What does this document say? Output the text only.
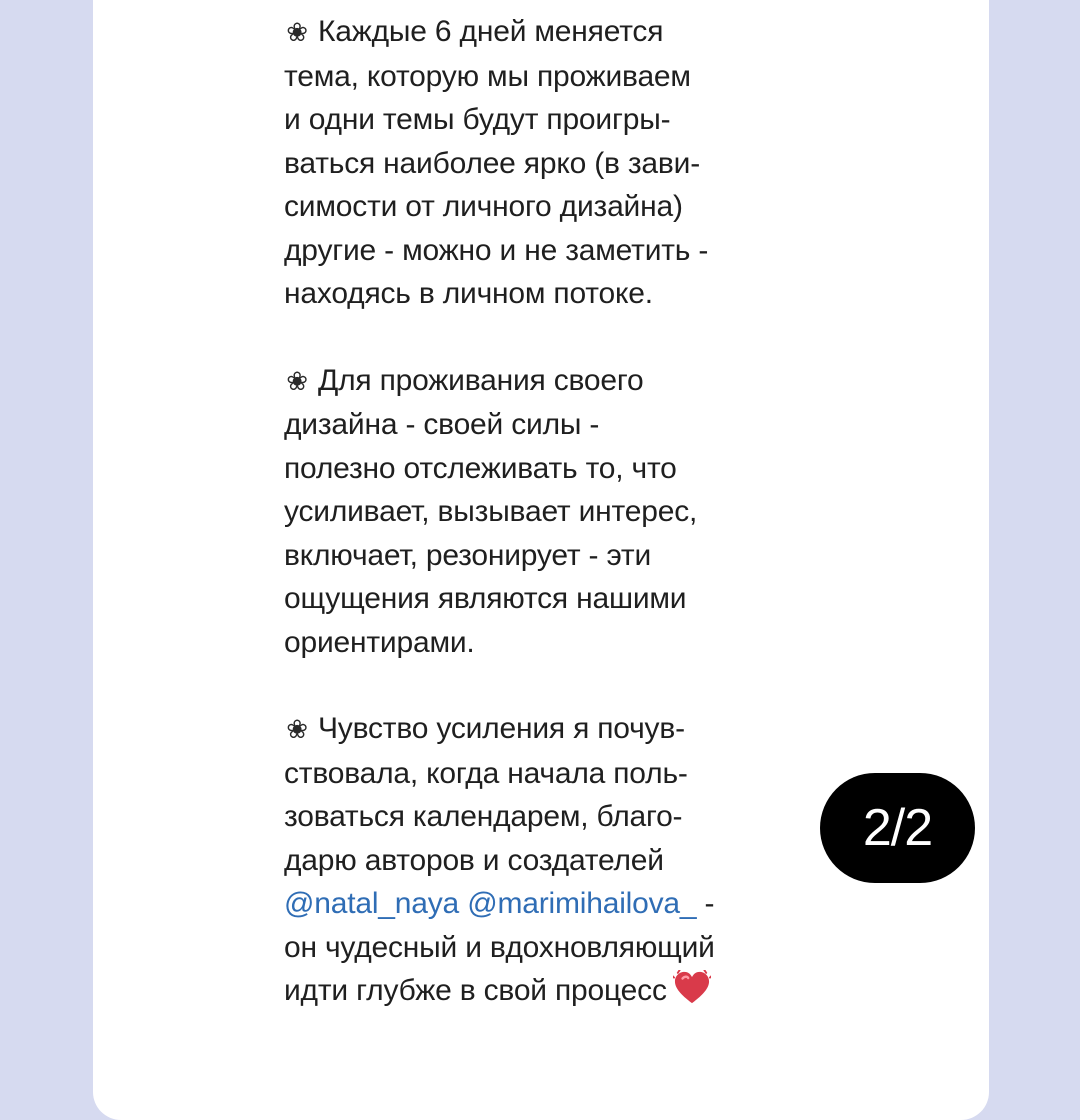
❀ Каждые 6 дней меняется
тема, которую мы проживаем
и одни темы будут проигры-
ваться наиболее ярко (в зави-
симости от личного дизайна)
другие - можно и не заметить -
находясь в личном потоке.
❀ Для проживания своего
дизайна - своей силы -
полезно отслеживать то, что
усиливает, вызывает интерес,
включает, резонирует - эти
ощущения являются нашими
ориентирами.
❀ Чувство усиления я почув-
ствовала, когда начала поль-
зоваться календарем, благо-
дарю авторов и создателей
@natal_naya @marimihailova_ -
он чудесный и вдохновляющий
идти глубже в свой процесс
2/2
